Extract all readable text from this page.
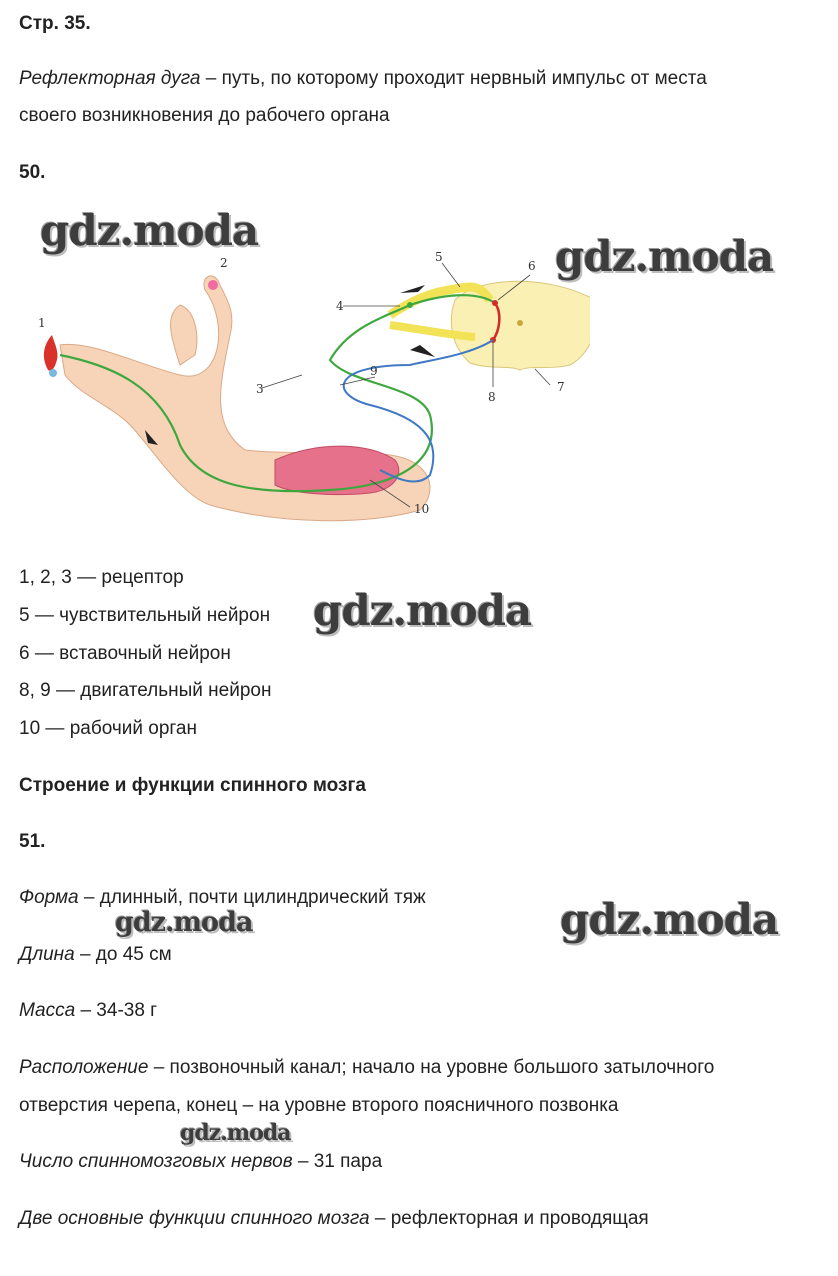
Стр. 35.
Рефлекторная дуга – путь, по которому проходит нервный импульс от места
своего возникновения до рабочего органа
50.
1
2
3
4
5
6
7
8
9
10
1, 2, 3 — рецептор
5 — чувствительный нейрон
6 — вставочный нейрон
8, 9 — двигательный нейрон
10 — рабочий орган
Строение и функции спинного мозга
51.
Форма – длинный, почти цилиндрический тяж
Длина – до 45 см
Масса – 34-38 г
Расположение – позвоночный канал; начало на уровне большого затылочного
отверстия черепа, конец – на уровне второго поясничного позвонка
Число спинномозговых нервов – 31 пара
Две основные функции спинного мозга – рефлекторная и проводящая
gdz.moda
gdz.moda
gdz.moda
gdz.moda
gdz.moda
gdz.moda
